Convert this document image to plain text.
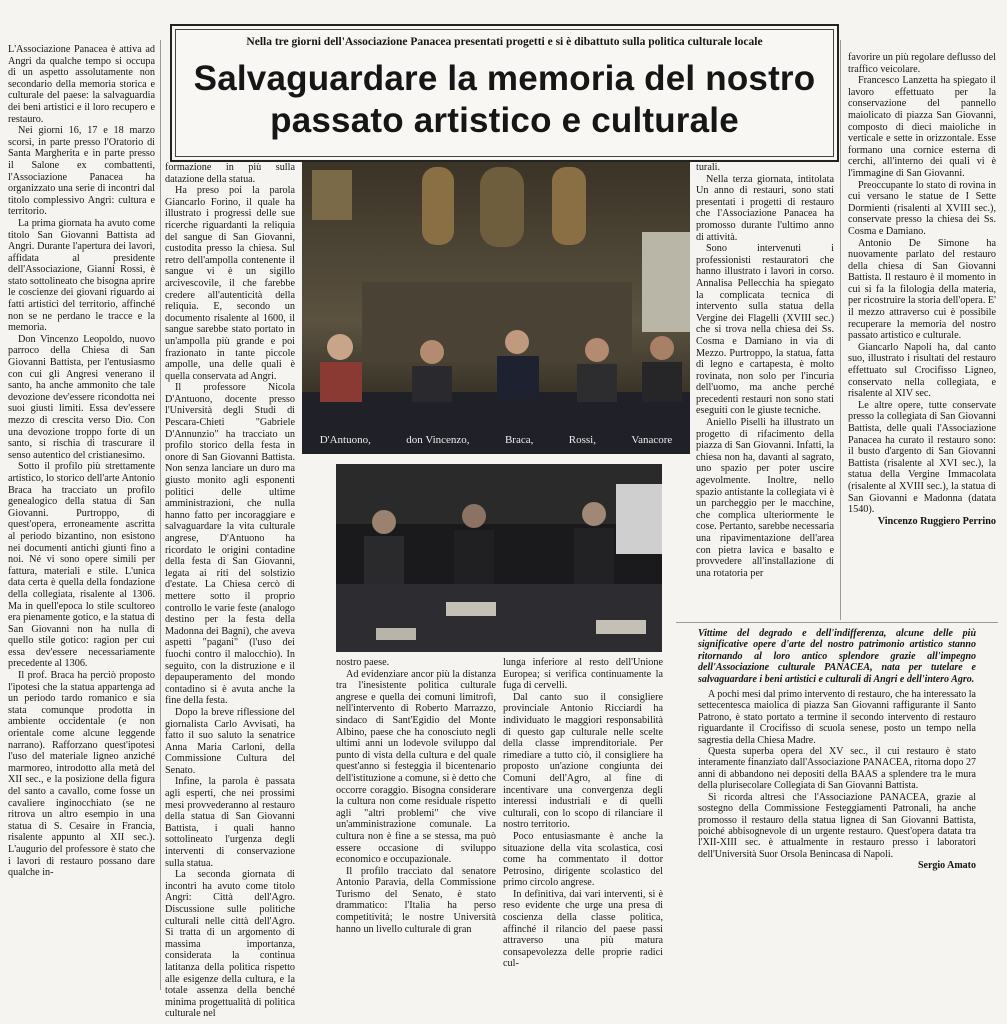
Nella tre giorni dell'Associazione Panacea presentati progetti e si è dibattuto sulla politica culturale locale
Salvaguardare la memoria del nostro
passato artistico e culturale

L'Associazione Panacea è attiva ad Angri da qualche tempo si occupa di un aspetto assolutamente non secondario della memoria storica e culturale del paese: la salvaguardia dei beni artistici e il loro recupero e restauro.

Nei giorni 16, 17 e 18 marzo scorsi, in parte presso l'Oratorio di Santa Margherita e in parte presso il Salone ex combattenti, l'Associazione Panacea ha organizzato una serie di incontri dal titolo complessivo Angri: cultura e territorio.

La prima giornata ha avuto come titolo San Giovanni Battista ad Angri. Durante l'apertura dei lavori, affidata al presidente dell'Associazione, Gianni Rossi, è stato sottolineato che bisogna aprire le coscienze dei giovani riguardo ai fatti artistici del territorio, affinché non se ne perdano le tracce e la memoria.

Don Vincenzo Leopoldo, nuovo parroco della Chiesa di San Giovanni Battista, per l'entusiasmo con cui gli Angresi venerano il santo, ha anche ammonito che tale devozione dev'essere ricondotta nei suoi giusti limiti. Essa dev'essere mezzo di crescita verso Dio. Con una devozione troppo forte di un santo, si rischia di trascurare il senso autentico del cristianesimo.

Sotto il profilo più strettamente artistico, lo storico dell'arte Antonio Braca ha tracciato un profilo genealogico della statua di San Giovanni. Purtroppo, di quest'opera, erroneamente ascritta al periodo bizantino, non esistono nei documenti antichi giunti fino a noi. Né vi sono opere simili per fattura, materiali e stile. L'unica data certa è quella della fondazione della collegiata, risalente al 1306. Ma in quell'epoca lo stile scultoreo era pienamente gotico, e la statua di San Giovanni non ha nulla di quello stile gotico: ragion per cui essa dev'essere necessariamente precedente al 1306.

Il prof. Braca ha perciò proposto l'ipotesi che la statua appartenga ad un periodo tardo romanico e sia stata comunque prodotta in ambiente occidentale (e non orientale come alcune leggende narrano). Rafforzano quest'ipotesi l'uso del materiale ligneo anziché marmoreo, introdotto alla metà del XII sec., e la posizione della figura del santo a cavallo, come fosse un cavaliere inginocchiato (se ne ritrova un altro esempio in una statua di S. Cesaire in Francia, risalente appunto al XII sec.). L'augurio del professore è stato che i lavori di restauro possano dare qualche in-

formazione in più sulla datazione della statua.

Ha preso poi la parola Giancarlo Forino, il quale ha illustrato i progressi delle sue ricerche riguardanti la reliquia del sangue di San Giovanni, custodita presso la chiesa. Sul retro dell'ampolla contenente il sangue vi è un sigillo arcivescovile, il che farebbe credere all'autenticità della reliquia. E, secondo un documento risalente al 1600, il sangue sarebbe stato portato in un'ampolla più grande e poi frazionato in tante piccole ampolle, una delle quali è quella conservata ad Angri.

Il professore Nicola D'Antuono, docente presso l'Università degli Studi di Pescara-Chieti "Gabriele D'Annunzio" ha tracciato un profilo storico della festa in onore di San Giovanni Battista. Non senza lanciare un duro ma giusto monito agli esponenti politici delle ultime amministrazioni, che nulla hanno fatto per incoraggiare e salvaguardare la vita culturale angrese, D'Antuono ha ricordato le origini contadine della festa di San Giovanni, legata ai riti del solstizio d'estate. La Chiesa cercò di mettere sotto il proprio controllo le varie feste (analogo destino per la festa della Madonna dei Bagni), che aveva aspetti "pagani" (l'uso dei fuochi contro il malocchio). In seguito, con la distruzione e il depauperamento del mondo contadino si è avuta anche la fine della festa.

Dopo la breve riflessione del giornalista Carlo Avvisati, ha fatto il suo saluto la senatrice Anna Maria Carloni, della Commissione Cultura del Senato.

Infine, la parola è passata agli esperti, che nei prossimi mesi provvederanno al restauro della statua di San Giovanni Battista, i quali hanno sottolineato l'urgenza degli interventi di conservazione sulla statua.

La seconda giornata di incontri ha avuto come titolo Angri: Città dell'Agro. Discussione sulle politiche culturali nelle città dell'Agro. Si tratta di un argomento di massima importanza, considerata la continua latitanza della politica rispetto alle esigenze della cultura, e la totale assenza della benché minima progettualità di politica culturale nel

D'Antuono,	don Vincenzo,	Braca,	Rossi,	Vanacore

turali.

Nella terza giornata, intitolata Un anno di restauri, sono stati presentati i progetti di restauro che l'Associazione Panacea ha promosso durante l'ultimo anno di attività.

Sono intervenuti i professionisti restauratori che hanno illustrato i lavori in corso. Annalisa Pellecchia ha spiegato la complicata tecnica di intervento sulla statua della Vergine dei Flagelli (XVIII sec.) che si trova nella chiesa dei Ss. Cosma e Damiano in via di Mezzo. Purtroppo, la statua, fatta di legno e cartapesta, è molto rovinata, non solo per l'incuria dell'uomo, ma anche perché precedenti restauri non sono stati eseguiti con le giuste tecniche.

Aniello Piselli ha illustrato un progetto di rifacimento della piazza di San Giovanni. Infatti, la chiesa non ha, davanti al sagrato, uno spazio per poter uscire agevolmente. Inoltre, nello spazio antistante la collegiata vi è un parcheggio per le macchine, che complica ulteriormente le cose. Pertanto, sarebbe necessaria una ripavimentazione dell'area con pietra lavica e basalto e provvedere all'installazione di una rotatoria per

nostro paese.

Ad evidenziare ancor più la distanza tra l'inesistente politica culturale angrese e quella dei comuni limitrofi, nell'intervento di Roberto Marrazzo, sindaco di Sant'Egidio del Monte Albino, paese che ha conosciuto negli ultimi anni un lodevole sviluppo dal punto di vista della cultura e del quale quest'anno si festeggia il bicentenario dell'istituzione a comune, si è detto che occorre coraggio. Bisogna considerare la cultura non come residuale rispetto agli "altri problemi" che vive un'amministrazione comunale. La cultura non è fine a se stessa, ma può essere occasione di sviluppo economico e occupazionale.

Il profilo tracciato dal senatore Antonio Paravia, della Commissione Turismo del Senato, è stato drammatico: l'Italia ha perso competitività; le nostre Università hanno un livello culturale di gran

lunga inferiore al resto dell'Unione Europea; si verifica continuamente la fuga di cervelli.

Dal canto suo il consigliere provinciale Antonio Ricciardi ha individuato le maggiori responsabilità di questo gap culturale nelle scelte della classe imprenditoriale. Per rimediare a tutto ciò, il consigliere ha proposto un'azione congiunta dei Comuni dell'Agro, al fine di incentivare una convergenza degli interessi industriali e di quelli culturali, con lo scopo di rilanciare il nostro territorio.

Poco entusiasmante è anche la situazione della vita scolastica, così come ha commentato il dottor Petrosino, dirigente scolastico del primo circolo angrese.

In definitiva, dai vari interventi, si è reso evidente che urge una presa di coscienza della classe politica, affinché il rilancio del paese passi attraverso una più matura consapevolezza delle proprie radici cul-

favorire un più regolare deflusso del traffico veicolare.

Francesco Lanzetta ha spiegato il lavoro effettuato per la conservazione del pannello maiolicato di piazza San Giovanni, composto di dieci maioliche in verticale e sette in orizzontale. Esse formano una cornice esterna di cerchi, all'interno dei quali vi è l'immagine di San Giovanni.

Preoccupante lo stato di rovina in cui versano le statue de I Sette Dormienti (risalenti al XVIII sec.), conservate presso la chiesa dei Ss. Cosma e Damiano.

Antonio De Simone ha nuovamente parlato del restauro della chiesa di San Giovanni Battista. Il restauro è il momento in cui si fa la filologia della materia, per ricostruire la storia dell'opera. E' il mezzo attraverso cui è possibile recuperare la memoria del nostro passato artistico e culturale.

Giancarlo Napoli ha, dal canto suo, illustrato i risultati del restauro effettuato sul Crocifisso Ligneo, conservato nella collegiata, e risalente al XIV sec.

Le altre opere, tutte conservate presso la collegiata di San Giovanni Battista, delle quali l'Associazione Panacea ha curato il restauro sono: il busto d'argento di San Giovanni Battista (risalente al XVI sec.), la statua della Vergine Immacolata (risalente al XVIII sec.), la statua di San Giovanni e Madonna (datata 1540).

Vincenzo Ruggiero Perrino

Vittime del degrado e dell'indifferenza, alcune delle più significative opere d'arte del nostro patrimonio artistico stanno ritornando al loro antico splendore grazie all'impegno dell'Associazione culturale PANACEA, nata per tutelare e salvaguardare i beni artistici e culturali di Angri e dell'intero Agro.

A pochi mesi dal primo intervento di restauro, che ha interessato la settecentesca maiolica di piazza San Giovanni raffigurante il Santo Patrono, è stato portato a termine il secondo intervento di restauro riguardante il Crocifisso di scuola senese, posto un tempo nella sagrestia della Chiesa Madre.

Questa superba opera del XV sec., il cui restauro è stato interamente finanziato dall'Associazione PANACEA, ritorna dopo 27 anni di abbandono nei depositi della BAAS a splendere tra le mura della plurisecolare Collegiata di San Giovanni Battista.

Si ricorda altresì che l'Associazione PANACEA, grazie al sostegno della Commissione Festeggiamenti Patronali, ha anche promosso il restauro della statua lignea di San Giovanni Battista, poiché abbisognevole di un urgente restauro. Quest'opera datata tra l'XII-XIII sec. è attualmente in restauro presso i laboratori dell'Università Suor Orsola Benincasa di Napoli.

Sergio Amato
